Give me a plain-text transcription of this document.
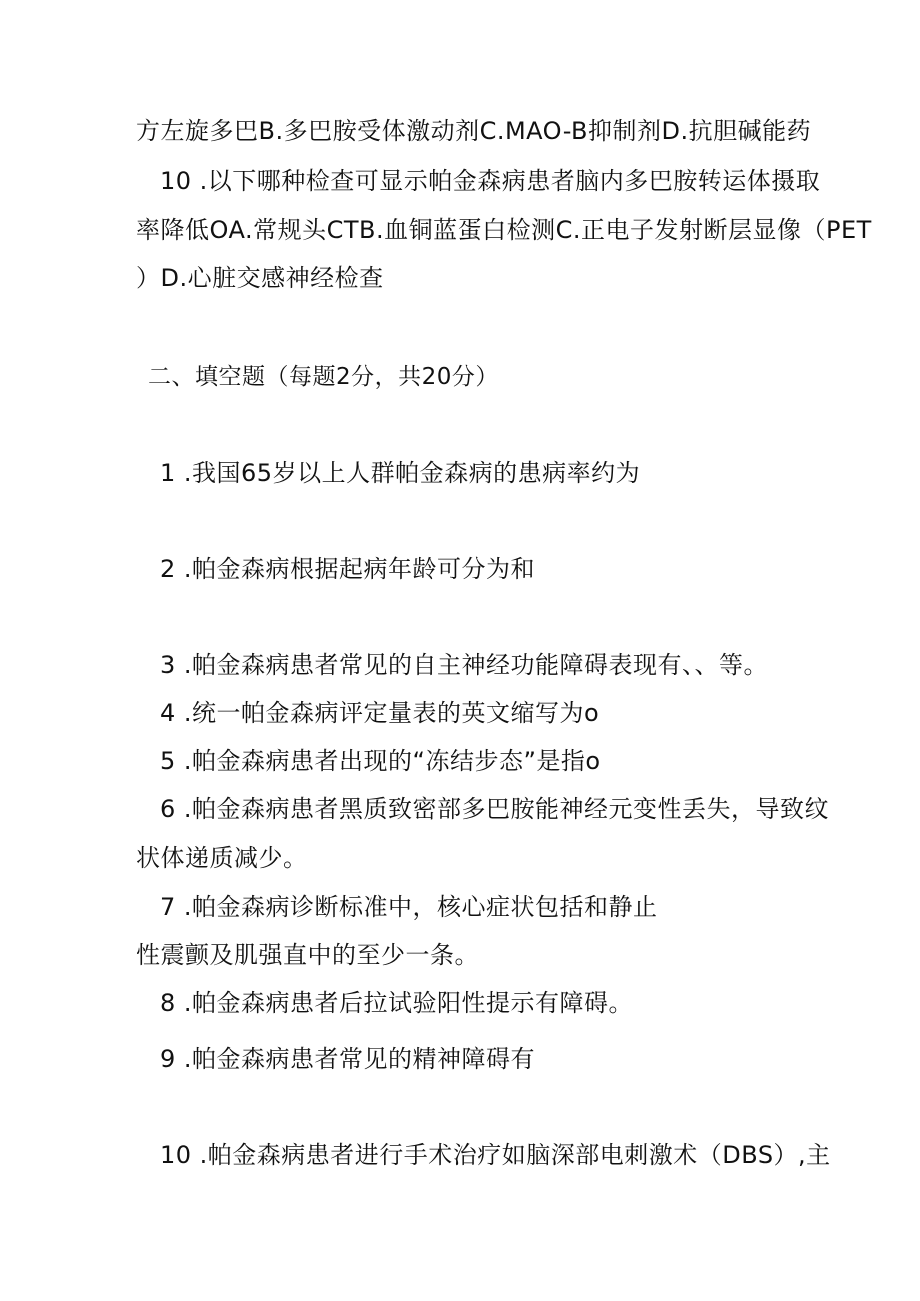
方左旋多巴B.多巴胺受体激动剂C.MAO-B抑制剂D.抗胆碱能药
10 .以下哪种检查可显示帕金森病患者脑内多巴胺转运体摄取
率降低OA.常规头CTB.血铜蓝蛋白检测C.正电子发射断层显像（PET
）D.心脏交感神经检查
二、填空题（每题2分，共20分）
1 .我国65岁以上人群帕金森病的患病率约为
2 .帕金森病根据起病年龄可分为和
3 .帕金森病患者常见的自主神经功能障碍表现有、、等。
4 .统一帕金森病评定量表的英文缩写为o
5 .帕金森病患者出现的“冻结步态”是指o
6 .帕金森病患者黑质致密部多巴胺能神经元变性丢失，导致纹
状体递质减少。
7 .帕金森病诊断标准中，核心症状包括和静止
性震颤及肌强直中的至少一条。
8 .帕金森病患者后拉试验阳性提示有障碍。
9 .帕金森病患者常见的精神障碍有
10 .帕金森病患者进行手术治疗如脑深部电刺激术（DBS）,主
